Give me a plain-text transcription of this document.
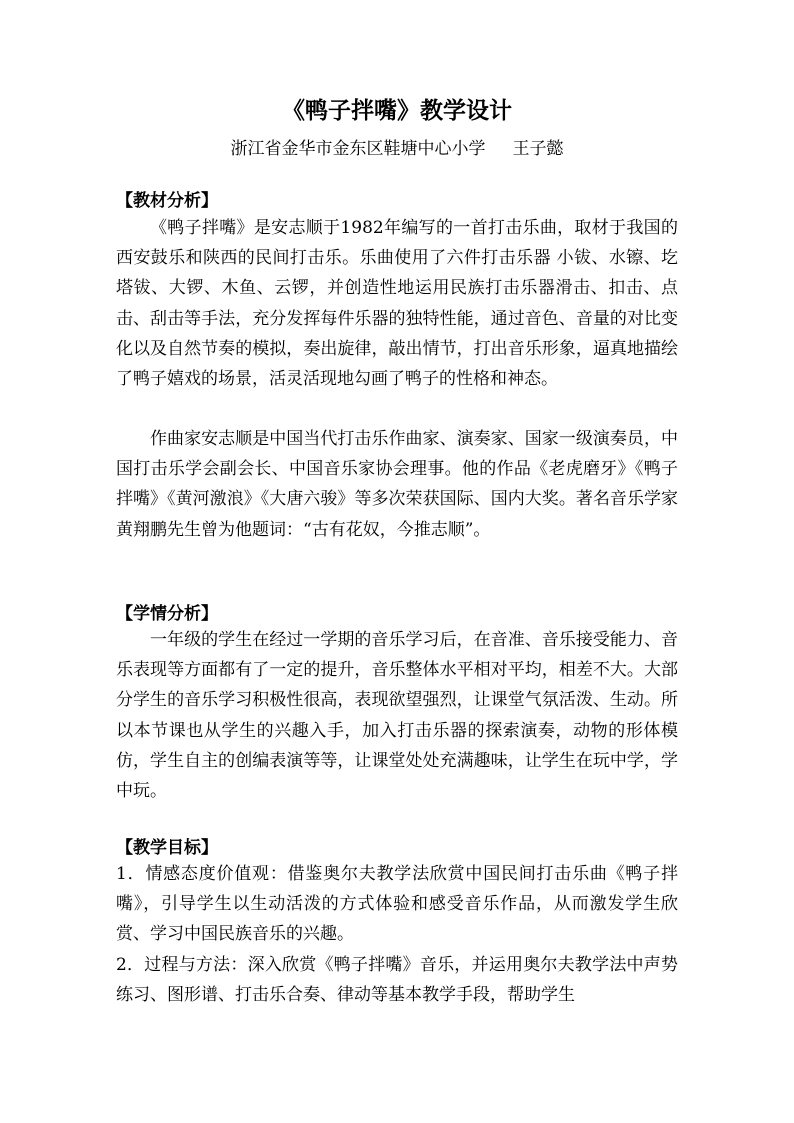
《鸭子拌嘴》教学设计
浙江省金华市金东区鞋塘中心小学     王子懿
【教材分析】

《鸭子拌嘴》是安志顺于1982年编写的一首打击乐曲，取材于我国的西安鼓乐和陕西的民间打击乐。乐曲使用了六件打击乐器 小钹、水镲、圪塔钹、大锣、木鱼、云锣，并创造性地运用民族打击乐器滑击、扣击、点击、刮击等手法，充分发挥每件乐器的独特性能，通过音色、音量的对比变化以及自然节奏的模拟，奏出旋律，敲出情节，打出音乐形象，逼真地描绘了鸭子嬉戏的场景，活灵活现地勾画了鸭子的性格和神态。

作曲家安志顺是中国当代打击乐作曲家、演奏家、国家一级演奏员，中国打击乐学会副会长、中国音乐家协会理事。他的作品《老虎磨牙》《鸭子拌嘴》《黄河激浪》《大唐六骏》等多次荣获国际、国内大奖。著名音乐学家黄翔鹏先生曾为他题词：“古有花奴，今推志顺”。

【学情分析】

一年级的学生在经过一学期的音乐学习后，在音准、音乐接受能力、音乐表现等方面都有了一定的提升，音乐整体水平相对平均，相差不大。大部分学生的音乐学习积极性很高，表现欲望强烈，让课堂气氛活泼、生动。所以本节课也从学生的兴趣入手，加入打击乐器的探索演奏，动物的形体模仿，学生自主的创编表演等等，让课堂处处充满趣味，让学生在玩中学，学中玩。

【教学目标】

1．情感态度价值观：借鉴奥尔夫教学法欣赏中国民间打击乐曲《鸭子拌嘴》，引导学生以生动活泼的方式体验和感受音乐作品，从而激发学生欣赏、学习中国民族音乐的兴趣。

2．过程与方法：深入欣赏《鸭子拌嘴》音乐，并运用奥尔夫教学法中声势练习、图形谱、打击乐合奏、律动等基本教学手段，帮助学生
